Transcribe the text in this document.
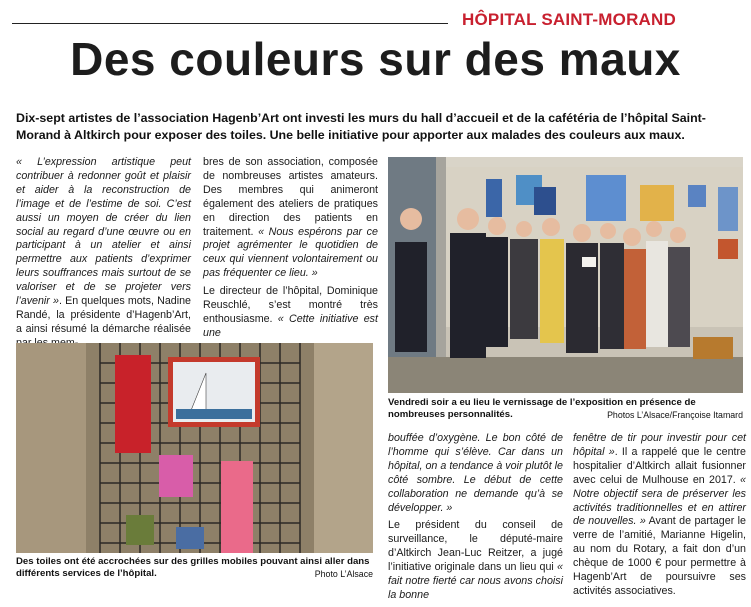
HÔPITAL SAINT-MORAND
Des couleurs sur des maux
Dix-sept artistes de l’association Hagenb’Art ont investi les murs du hall d’accueil et de la cafétéria de l’hôpital Saint-Morand à Altkirch pour exposer des toiles. Une belle initiative pour apporter aux malades des couleurs aux maux.

« L’expression artistique peut contribuer à redonner goût et plaisir et aider à la reconstruction de l’image et de l’estime de soi. C’est aussi un moyen de créer du lien social au regard d’une œuvre ou en participant à un atelier et ainsi permettre aux patients d’exprimer leurs souffrances mais surtout de se valoriser et de se projeter vers l’avenir ». En quelques mots, Nadine Randé, la présidente d’Hagenb’Art, a ainsi résumé la démarche réalisée

bres de son association, composée de nombreuses artistes amateurs. Des membres qui animeront également des ateliers de pratiques en direction des patients en traitement. « Nous espérons par ce projet agrémenter le quotidien de ceux qui viennent volontairement ou pas fréquenter ce lieu. »

Le directeur de l’hôpital, Dominique Reuschlé, s’est montré très enthousiasme. « Cette initiative est une

Vendredi soir a eu lieu le vernissage de l’exposition en présence de nombreuses personnalités.	Photos L’Alsace/Françoise Itamard
Des toiles ont été accrochées sur des grilles mobiles pouvant ainsi aller dans différents services de l’hôpital.	Photo L’Alsace

bouffée d’oxygène. Le bon côté de l’homme qui s’élève. Car dans un hôpital, on a tendance à voir plutôt le côté sombre. Le début de cette collaboration ne demande qu’à se développer. »

Le président du conseil de surveillance, le député-maire d’Altkirch Jean-Luc Reitzer, a jugé l’initiative originale dans un lieu qui « fait notre fierté car nous avons choisi la bonne

fenêtre de tir pour investir pour cet hôpital ». Il a rappelé que le centre hospitalier d’Altkirch allait fusionner avec celui de Mulhouse en 2017. « Notre objectif sera de préserver les activités traditionnelles et en attirer de nouvelles. » Avant de partager le verre de l’amitié, Marianne Higelin, au nom du Rotary, a fait don d’un chèque de 1000 € pour permettre à Hagenb’Art de poursuivre ses activités associatives.
